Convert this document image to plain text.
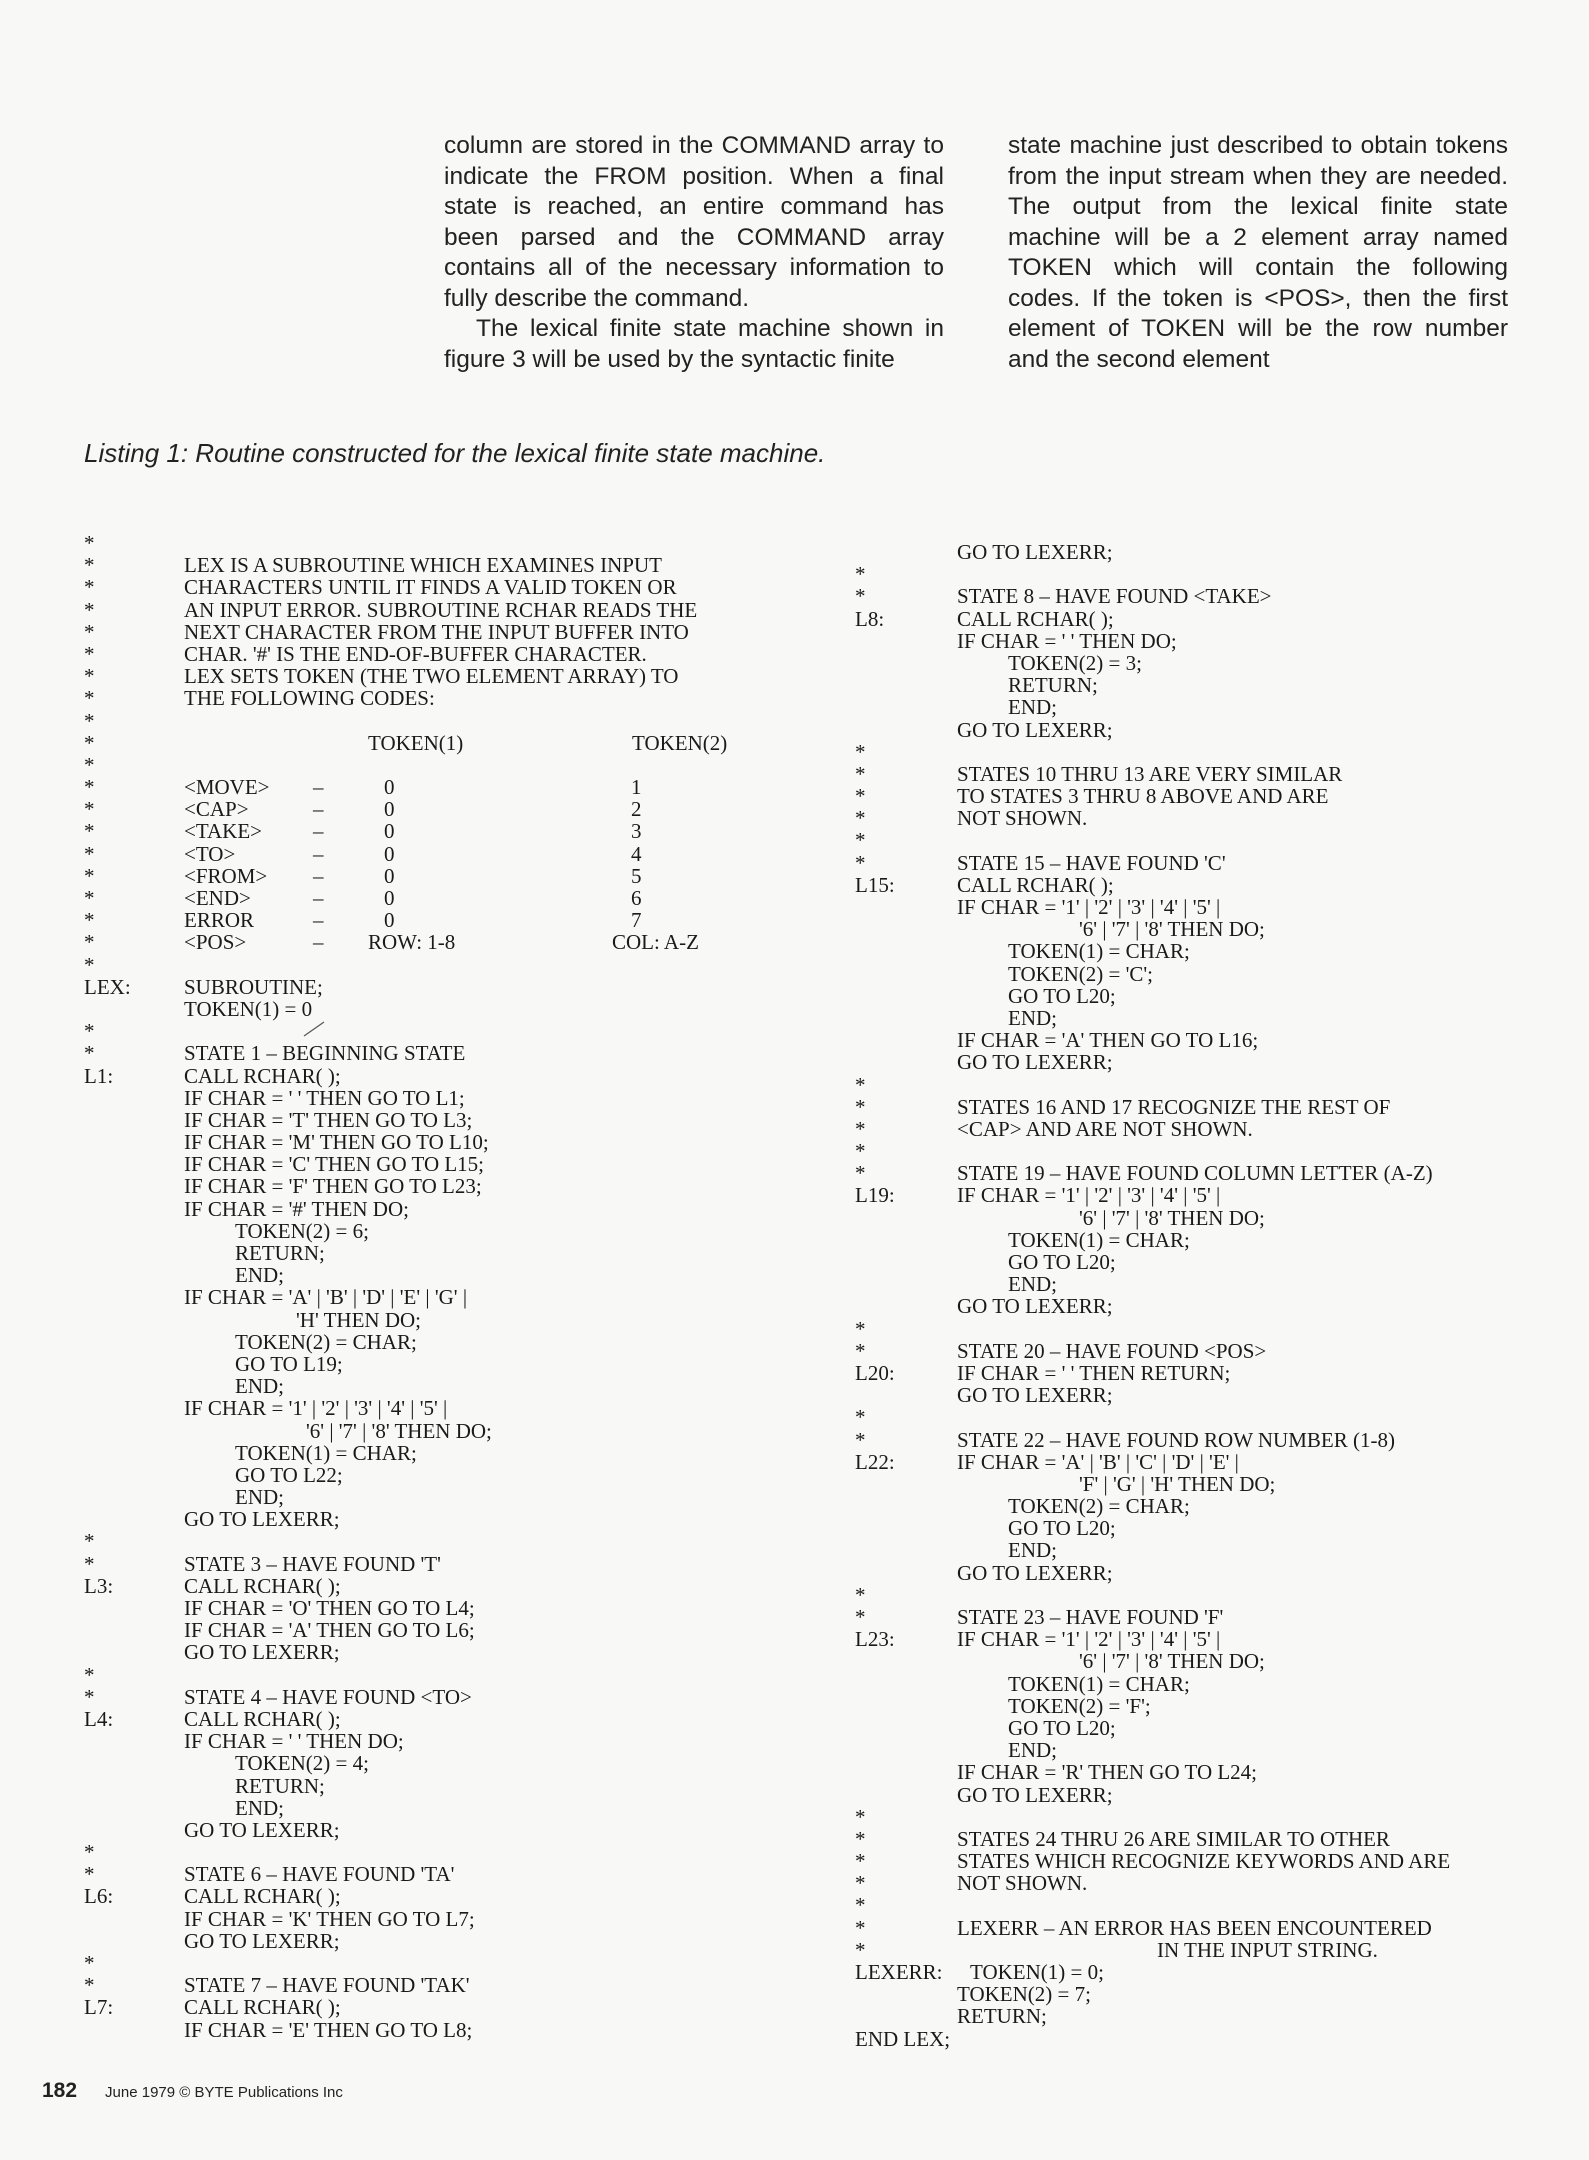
column are stored in the COMMAND array to indicate the FROM position. When a final state is reached, an entire command has been parsed and the COMMAND array contains all of the necessary information to fully describe the command.

The lexical finite state machine shown in figure 3 will be used by the syntactic finite

state machine just described to obtain tokens from the input stream when they are needed. The output from the lexical finite state machine will be a 2 element array named TOKEN which will contain the following codes. If the token is <POS>, then the first element of TOKEN will be the row number and the second element

Listing 1: Routine constructed for the lexical finite state machine.
*
*	LEX IS A SUBROUTINE WHICH EXAMINES INPUT
*	CHARACTERS UNTIL IT FINDS A VALID TOKEN OR
*	AN INPUT ERROR. SUBROUTINE RCHAR READS THE
*	NEXT CHARACTER FROM THE INPUT BUFFER INTO
*	CHAR. '#' IS THE END-OF-BUFFER CHARACTER.
*	LEX SETS TOKEN (THE TWO ELEMENT ARRAY) TO
*	THE FOLLOWING CODES:
*
*	TOKEN(1)	TOKEN(2)
*
*	<MOVE> –	0	1
*	<CAP>	–	0	2
*	<TAKE> –	0	3
*	<TO>	–	0	4
*	<FROM> –	0	5
*	<END>	–	0	6
*	ERROR	–	0	7
*	<POS>	– ROW: 1-8	COL: A-Z
*
LEX:	SUBROUTINE;
TOKEN(1) = 0
*
*	STATE 1 – BEGINNING STATE
L1:	CALL RCHAR( );
IF CHAR = ' ' THEN GO TO L1;
IF CHAR = 'T' THEN GO TO L3;
IF CHAR = 'M' THEN GO TO L10;
IF CHAR = 'C' THEN GO TO L15;
IF CHAR = 'F' THEN GO TO L23;
IF CHAR = '#' THEN DO;
TOKEN(2) = 6;
RETURN;
END;
IF CHAR = 'A' | 'B' | 'D' | 'E' | 'G' |
'H' THEN DO;
TOKEN(2) = CHAR;
GO TO L19;
END;
IF CHAR = '1' | '2' | '3' | '4' | '5' |
'6' | '7' | '8' THEN DO;
TOKEN(1) = CHAR;
GO TO L22;
END;
GO TO LEXERR;
*
*	STATE 3 – HAVE FOUND 'T'
L3:	CALL RCHAR( );
IF CHAR = 'O' THEN GO TO L4;
IF CHAR = 'A' THEN GO TO L6;
GO TO LEXERR;
*
*	STATE 4 – HAVE FOUND <TO>
L4:	CALL RCHAR( );
IF CHAR = ' ' THEN DO;
TOKEN(2) = 4;
RETURN;
END;
GO TO LEXERR;
*
*	STATE 6 – HAVE FOUND 'TA'
L6:	CALL RCHAR( );
IF CHAR = 'K' THEN GO TO L7;
GO TO LEXERR;
*
*	STATE 7 – HAVE FOUND 'TAK'
L7:	CALL RCHAR( );
IF CHAR = 'E' THEN GO TO L8;
GO TO LEXERR;
*
*	STATE 8 – HAVE FOUND <TAKE>
L8:	CALL RCHAR( );
IF CHAR = ' ' THEN DO;
TOKEN(2) = 3;
RETURN;
END;
GO TO LEXERR;
*
*	STATES 10 THRU 13 ARE VERY SIMILAR
*	TO STATES 3 THRU 8 ABOVE AND ARE
*	NOT SHOWN.
*
*	STATE 15 – HAVE FOUND 'C'
L15:	CALL RCHAR( );
IF CHAR = '1' | '2' | '3' | '4' | '5' |
'6' | '7' | '8' THEN DO;
TOKEN(1) = CHAR;
TOKEN(2) = 'C';
GO TO L20;
END;
IF CHAR = 'A' THEN GO TO L16;
GO TO LEXERR;
*
*	STATES 16 AND 17 RECOGNIZE THE REST OF
*	<CAP> AND ARE NOT SHOWN.
*
*	STATE 19 – HAVE FOUND COLUMN LETTER (A-Z)
L19:	IF CHAR = '1' | '2' | '3' | '4' | '5' |
'6' | '7' | '8' THEN DO;
TOKEN(1) = CHAR;
GO TO L20;
END;
GO TO LEXERR;
*
*	STATE 20 – HAVE FOUND <POS>
L20:	IF CHAR = ' ' THEN RETURN;
GO TO LEXERR;
*
*	STATE 22 – HAVE FOUND ROW NUMBER (1-8)
L22:	IF CHAR = 'A' | 'B' | 'C' | 'D' | 'E' |
'F' | 'G' | 'H' THEN DO;
TOKEN(2) = CHAR;
GO TO L20;
END;
GO TO LEXERR;
*
*	STATE 23 – HAVE FOUND 'F'
L23:	IF CHAR = '1' | '2' | '3' | '4' | '5' |
'6' | '7' | '8' THEN DO;
TOKEN(1) = CHAR;
TOKEN(2) = 'F';
GO TO L20;
END;
IF CHAR = 'R' THEN GO TO L24;
GO TO LEXERR;
*
*	STATES 24 THRU 26 ARE SIMILAR TO OTHER
*	STATES WHICH RECOGNIZE KEYWORDS AND ARE
*	NOT SHOWN.
*
*	LEXERR – AN ERROR HAS BEEN ENCOUNTERED
*	IN THE INPUT STRING.
LEXERR: TOKEN(1) = 0;
TOKEN(2) = 7;
RETURN;
END LEX;
182 June 1979 © BYTE Publications Inc
